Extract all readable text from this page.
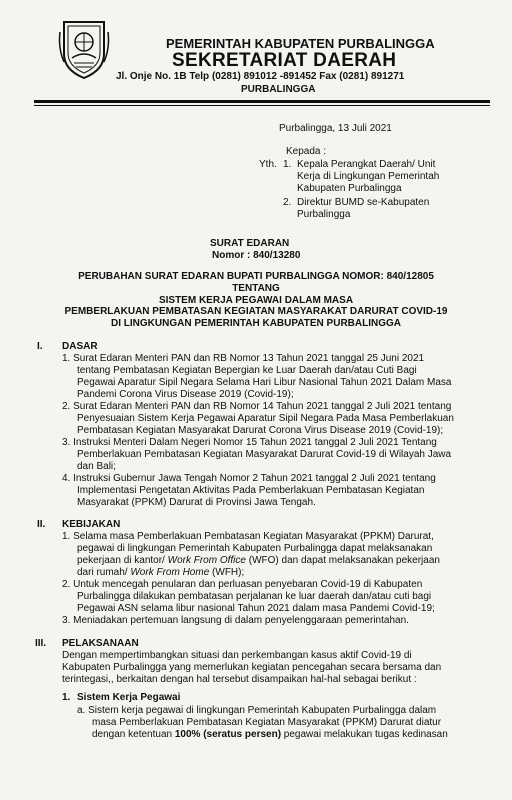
PEMERINTAH KABUPATEN PURBALINGGA
SEKRETARIAT DAERAH
Jl. Onje No. 1B Telp (0281) 891012 -891452 Fax (0281) 891271
PURBALINGGA
Purbalingga, 13 Juli 2021
Kepada :
Yth. 1. Kepala Perangkat Daerah/ Unit
Kerja di Lingkungan Pemerintah
Kabupaten Purbalingga
2. Direktur BUMD se-Kabupaten
Purbalingga
SURAT EDARAN
Nomor : 840/13280
PERUBAHAN SURAT EDARAN BUPATI PURBALINGGA NOMOR: 840/12805
TENTANG
SISTEM KERJA PEGAWAI DALAM MASA
PEMBERLAKUAN PEMBATASAN KEGIATAN MASYARAKAT DARURAT COVID-19
DI LINGKUNGAN PEMERINTAH KABUPATEN PURBALINGGA
I. DASAR
1. Surat Edaran Menteri PAN dan RB Nomor 13 Tahun 2021 tanggal 25 Juni 2021
tentang Pembatasan Kegiatan Bepergian ke Luar Daerah dan/atau Cuti Bagi
Pegawai Aparatur Sipil Negara Selama Hari Libur Nasional Tahun 2021 Dalam Masa
Pandemi Corona Virus Disease 2019 (Covid-19);
2. Surat Edaran Menteri PAN dan RB Nomor 14 Tahun 2021 tanggal 2 Juli 2021 tentang
Penyesuaian Sistem Kerja Pegawai Aparatur Sipil Negara Pada Masa Pemberlakuan
Pembatasan Kegiatan Masyarakat Darurat Corona Virus Disease 2019 (Covid-19);
3. Instruksi Menteri Dalam Negeri Nomor 15 Tahun 2021 tanggal 2 Juli 2021 Tentang
Pemberlakuan Pembatasan Kegiatan Masyarakat Darurat Covid-19 di Wilayah Jawa
dan Bali;
4. Instruksi Gubernur Jawa Tengah Nomor 2 Tahun 2021 tanggal 2 Juli 2021 tentang
Implementasi Pengetatan Aktivitas Pada Pemberlakuan Pembatasan Kegiatan
Masyarakat (PPKM) Darurat di Provinsi Jawa Tengah.
II. KEBIJAKAN
1. Selama masa Pemberlakuan Pembatasan Kegiatan Masyarakat (PPKM) Darurat,
pegawai di lingkungan Pemerintah Kabupaten Purbalingga dapat melaksanakan
pekerjaan di kantor/ Work From Office (WFO) dan dapat melaksanakan pekerjaan
dari rumah/ Work From Home (WFH);
2. Untuk mencegah penularan dan perluasan penyebaran Covid-19 di Kabupaten
Purbalingga dilakukan pembatasan perjalanan ke luar daerah dan/atau cuti bagi
Pegawai ASN selama libur nasional Tahun 2021 dalam masa Pandemi Covid-19;
3. Meniadakan pertemuan langsung di dalam penyelenggaraan pemerintahan.
III. PELAKSANAAN
Dengan mempertimbangkan situasi dan perkembangan kasus aktif Covid-19 di
Kabupaten Purbalingga yang memerlukan kegiatan pencegahan secara bersama dan
terintegasi,, berkaitan dengan hal tersebut disampaikan hal-hal sebagai berikut :
1. Sistem Kerja Pegawai
a. Sistem kerja pegawai di lingkungan Pemerintah Kabupaten Purbalingga dalam
masa Pemberlakuan Pembatasan Kegiatan Masyarakat (PPKM) Darurat diatur
dengan ketentuan 100% (seratus persen) pegawai melakukan tugas kedinasan
